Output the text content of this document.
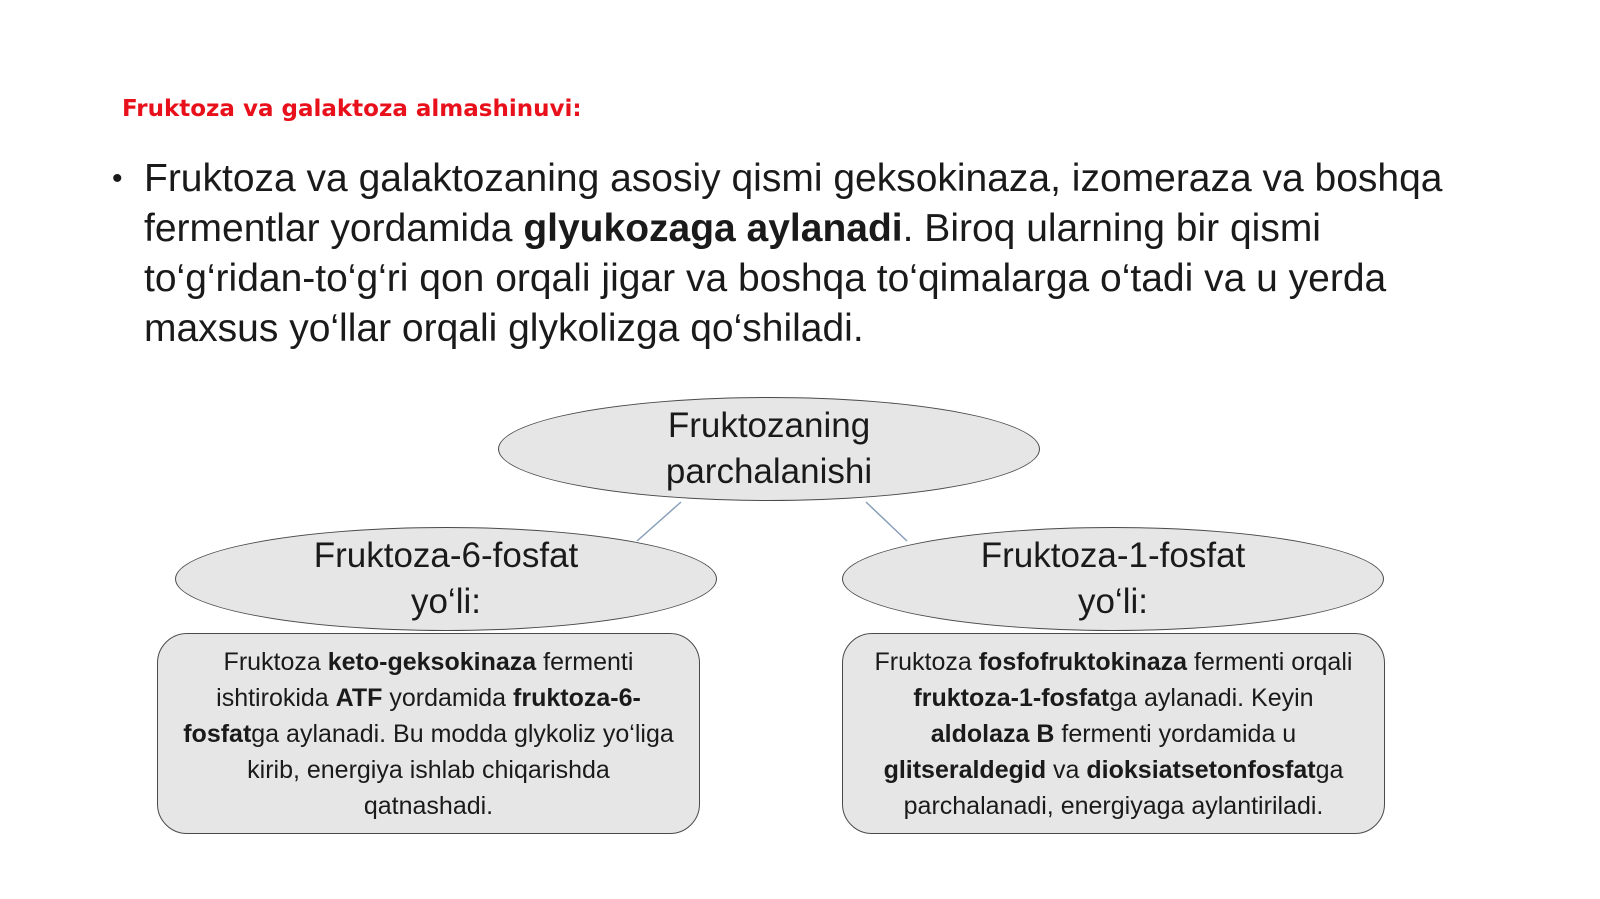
Fruktoza va galaktoza almashinuvi:
• Fruktoza va galaktozaning asosiy qismi geksokinaza, izomeraza va boshqa fermentlar yordamida glyukozaga aylanadi. Biroq ularning bir qismi to‘g‘ridan-to‘g‘ri qon orqali jigar va boshqa to‘qimalarga o‘tadi va u yerda maxsus yo‘llar orqali glykolizga qo‘shiladi.
Fruktozaning
parchalanishi
Fruktoza-6-fosfat
yo‘li:
Fruktoza-1-fosfat
yo‘li:
Fruktoza keto-geksokinaza fermenti ishtirokida ATF yordamida fruktoza-6-fosfatga aylanadi. Bu modda glykoliz yo‘liga kirib, energiya ishlab chiqarishda qatnashadi.
Fruktoza fosfofruktokinaza fermenti orqali fruktoza-1-fosfatga aylanadi. Keyin aldolaza B fermenti yordamida u glitseraldegid va dioksiatsetonfosfatga parchalanadi, energiyaga aylantiriladi.
